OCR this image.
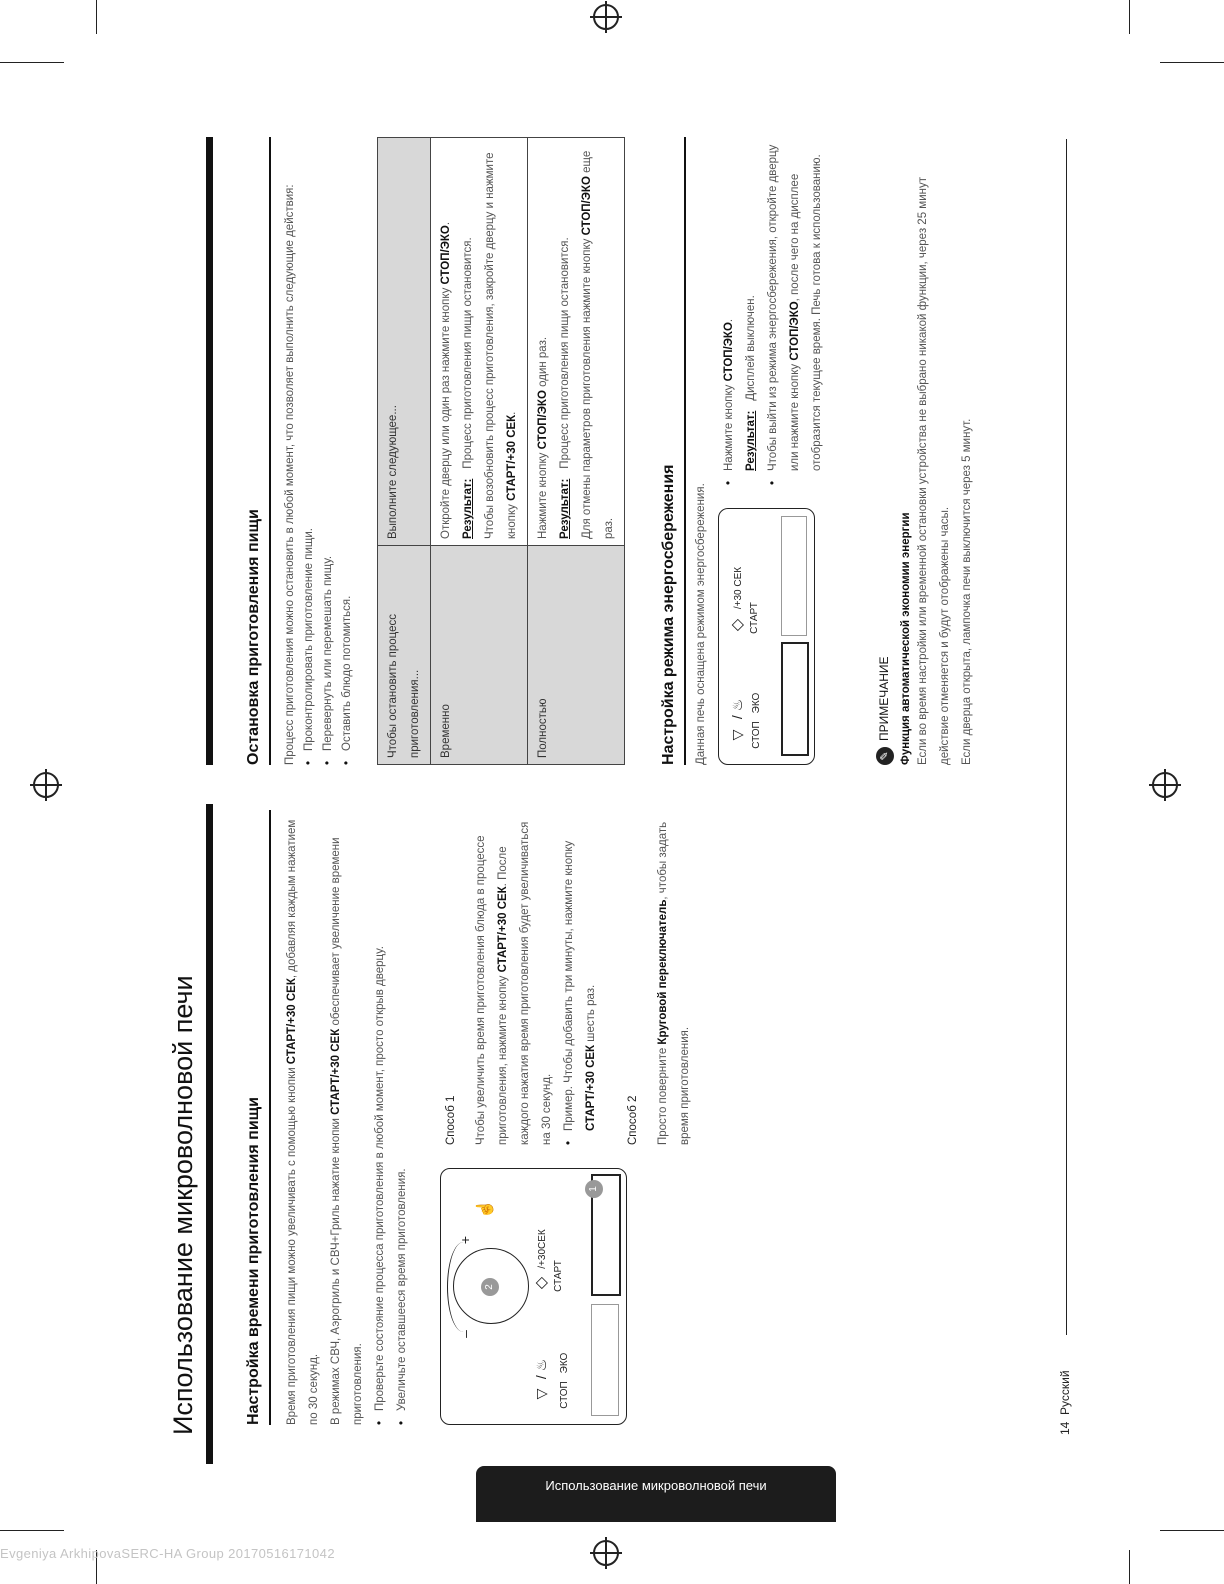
Использование микроволновой печи	Настройка времени приготовления пищи	Время приготовления пищи можно увеличивать с помощью кнопки СТАРТ/+30 СЕК, добавляя каждым нажатием по 30 секунд. В режимах СВЧ, Аэрогриль и СВЧ+Гриль нажатие кнопки СТАРТ/+30 СЕК обеспечивает увеличение времени приготовления. • Проверьте состояние процесса приготовления в любой момент, просто открыв дверцу. • Увеличьте оставшееся время приготовления.	▽
/ ♨
СТОП
ЭКО
◇
/+30СЕК
СТАРТ
–
+
☝
2
1
Способ 1	Чтобы увеличить время приготовления блюда в процессе приготовления, нажмите кнопку СТАРТ/+30 СЕК. После каждого нажатия время приготовления будет увеличиваться на 30 секунд. • Пример. Чтобы добавить три минуты, нажмите кнопку СТАРТ/+30 СЕК шесть раз.
Способ 2	Просто поверните Круговой переключатель, чтобы задать время приготовления.
Остановка приготовления пищи Процесс приготовления можно остановить в любой момент, что позволяет выполнить следующие действия: • Проконтролировать приготовление пищи. • Перевернуть или перемешать пищу. • Оставить блюдо потомиться.	Чтобы остановить процесс приготовления...	Выполните следующее...
Временно	Откройте дверцу или один раз нажмите кнопку СТОП/ЭКО.
Результат:Процесс приготовления пищи остановится. Чтобы возобновить процесс приготовления, закройте дверцу и нажмите кнопку СТАРТ/+30 СЕК.

Полностью	Нажмите кнопку СТОП/ЭКО один раз.
Результат:Процесс приготовления пищи остановится. Для отмены параметров приготовления нажмите кнопку СТОП/ЭКО еще раз.	Настройка режима энергосбережения	Данная печь оснащена режимом энергосбережения.	▽
/ ♨
СТОП
ЭКО
◇
/+30 СЕК
СТАРТ
• Нажмите кнопку СТОП/ЭКО.
Результат:Дисплей выключен. • Чтобы выйти из режима энергосбережения, откройте дверцу или нажмите кнопку СТОП/ЭКО, после чего на дисплее отобразится текущее время. Печь готова к использованию.
✎ПРИМЕЧАНИЕ Функция автоматической экономии энергии Если во время настройки или временной остановки устройства не выбрано никакой функции, через 25 минут действие отменяется и будут отображены часы. Если дверца открыта, лампочка печи выключится через 5 минут.
14  Русский
Использование микроволновой печи
Evgeniya ArkhipovaSERC-HA Group 20170516171042
